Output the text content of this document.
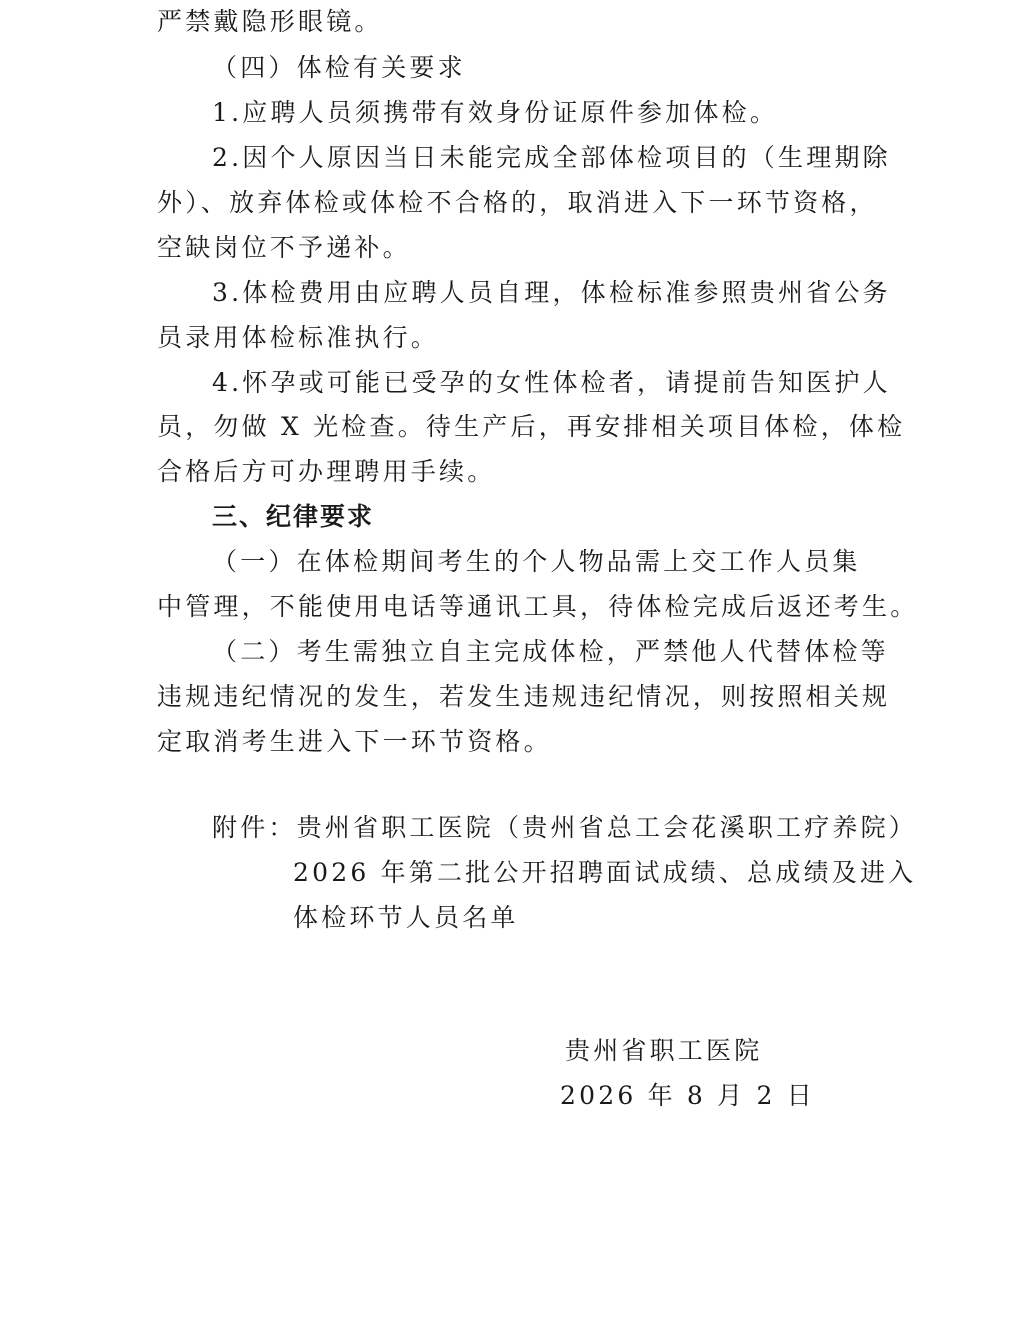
严禁戴隐形眼镜。
（四）体检有关要求
1.应聘人员须携带有效身份证原件参加体检。
2.因个人原因当日未能完成全部体检项目的（生理期除
外）、放弃体检或体检不合格的，取消进入下一环节资格，
空缺岗位不予递补。
3.体检费用由应聘人员自理，体检标准参照贵州省公务
员录用体检标准执行。
4.怀孕或可能已受孕的女性体检者，请提前告知医护人
员，勿做 X 光检查。待生产后，再安排相关项目体检，体检
合格后方可办理聘用手续。
三、纪律要求
（一）在体检期间考生的个人物品需上交工作人员集
中管理，不能使用电话等通讯工具，待体检完成后返还考生。
（二）考生需独立自主完成体检，严禁他人代替体检等
违规违纪情况的发生，若发生违规违纪情况，则按照相关规
定取消考生进入下一环节资格。
附件：贵州省职工医院（贵州省总工会花溪职工疗养院）
2026 年第二批公开招聘面试成绩、总成绩及进入
体检环节人员名单
贵州省职工医院
2026 年 8 月 2 日
